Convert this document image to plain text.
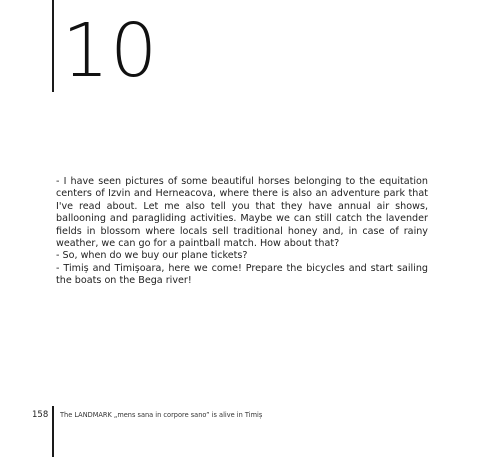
10

- I have seen pictures of some beautiful horses belonging to the equitation centers of Izvin and Herneacova, where there is also an adventure park that I've read about. Let me also tell you that they have annual air shows, ballooning and paragliding activities. Maybe we can still catch the lavender fields in blossom where locals sell traditional honey and, in case of rainy weather, we can go for a paintball match. How about that?

- So, when do we buy our plane tickets?

- Timiș and Timișoara, here we come! Prepare the bicycles and start sailing the boats on the Bega river!

158 The LANDMARK „mens sana in corpore sano” is alive in Timiș
